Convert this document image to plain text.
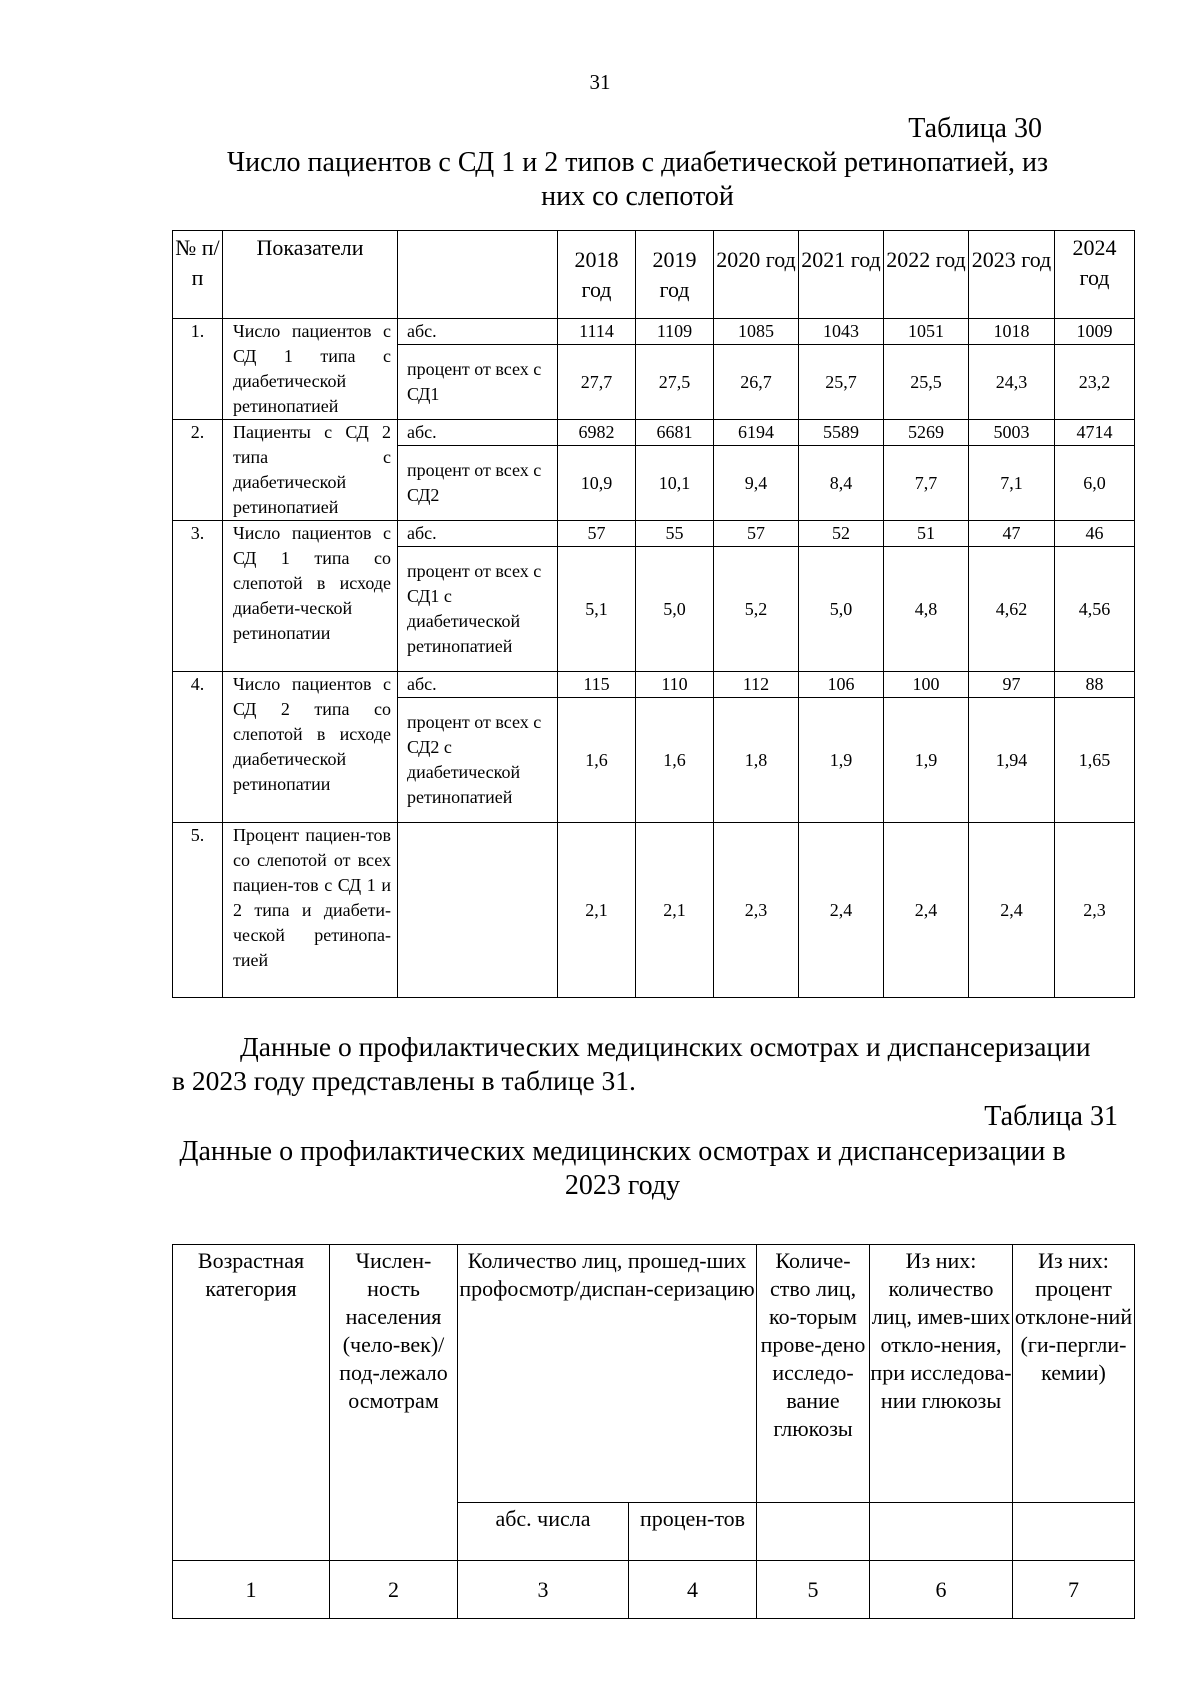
31
Таблица 30
Число пациентов с СД 1 и 2 типов с диабетической ретинопатией, из
них со слепотой
№ п/п	Показатели		2018 год	2019 год	2020 год	2021 год	2022 год	2023 год	2024 год
1.	Число пациентов с СД 1 типа с диабетической ретинопатией	абс.	1114	1109	1085	1043	1051	1018	1009
		процент от всех с СД1	27,7	27,5	26,7	25,7	25,5	24,3	23,2
2.	Пациенты с СД 2 типа с диабетической ретинопатией	абс.	6982	6681	6194	5589	5269	5003	4714
		процент от всех с СД2	10,9	10,1	9,4	8,4	7,7	7,1	6,0
3.	Число пациентов с СД 1 типа со слепотой в исходе диабети-ческой ретинопатии	абс.	57	55	57	52	51	47	46
		процент от всех с СД1 с диабетической ретинопатией	5,1	5,0	5,2	5,0	4,8	4,62	4,56
4.	Число пациентов с СД 2 типа со слепотой в исходе диабетической ретинопатии	абс.	115	110	112	106	100	97	88
		процент от всех с СД2 с диабетической ретинопатией	1,6	1,6	1,8	1,9	1,9	1,94	1,65
5.	Процент пациен-тов со слепотой от всех пациен-тов с СД 1 и 2 типа и диабети-ческой ретинопа-тией		2,1	2,1	2,3	2,4	2,4	2,4	2,3
Данные о профилактических медицинских осмотрах и диспансеризации
в 2023 году представлены в таблице 31.
Таблица 31
Данные о профилактических медицинских осмотрах и диспансеризации в
2023 году
Возрастная категория	Числен-ность населения (чело-век)/под-лежало осмотрам	Количество лиц, прошед-ших профосмотр/диспан-серизацию		Количе-ство лиц, ко-торым прове-дено исследо-вание глюкозы	Из них: количество лиц, имев-ших откло-нения, при исследова-нии глюкозы	Из них: процент отклоне-ний (ги-пергли-кемии)
		абс. числа	процен-тов			
1	2	3	4	5	6	7
